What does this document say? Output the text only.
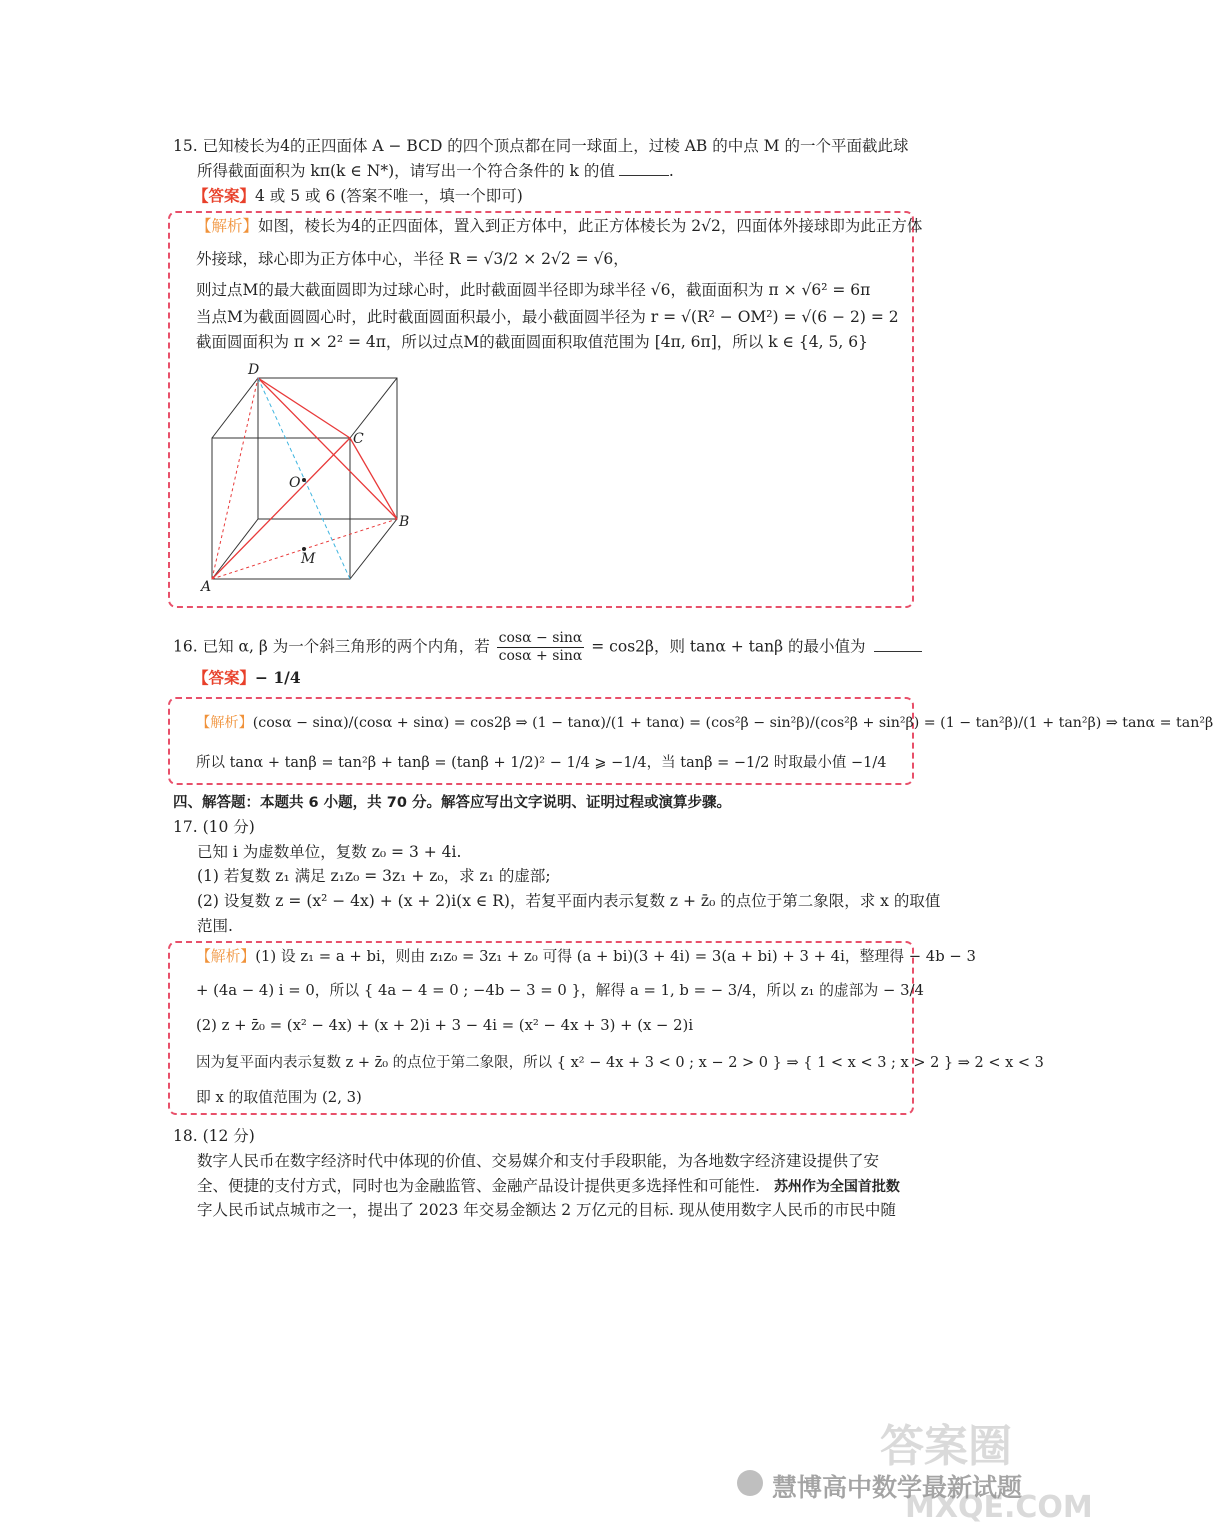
15. 已知棱长为4的正四面体 A − BCD 的四个顶点都在同一球面上，过棱 AB 的中点 M 的一个平面截此球
所得截面面积为 kπ(k ∈ N*)，请写出一个符合条件的 k 的值	.
【答案】4 或 5 或 6 (答案不唯一，填一个即可)
【解析】如图，棱长为4的正四面体，置入到正方体中，此正方体棱长为 2√2，四面体外接球即为此正方体
外接球，球心即为正方体中心，半径 R = √3/2 × 2√2 = √6，
则过点M的最大截面圆即为过球心时，此时截面圆半径即为球半径 √6，截面面积为 π × √6² = 6π
当点M为截面圆圆心时，此时截面圆面积最小，最小截面圆半径为 r = √(R² − OM²) = √(6 − 2) = 2
截面圆面积为 π × 2² = 4π，所以过点M的截面圆面积取值范围为 [4π, 6π]，所以 k ∈ {4, 5, 6}
D
C
O
B
M
A
16. 已知 α, β 为一个斜三角形的两个内角，若 $\frac{\cos\alpha - \sin\alpha}{\cos\alpha + \sin\alpha} = \cos 2\beta$，则 tanα + tanβ 的最小值为
【答案】− 1/4
【解析】(cosα − sinα)/(cosα + sinα) = cos2β ⇒ (1 − tanα)/(1 + tanα) = (cos²β − sin²β)/(cos²β + sin²β) = (1 − tan²β)/(1 + tan²β) ⇒ tanα = tan²β
所以 tanα + tanβ = tan²β + tanβ = (tanβ + 1/2)² − 1/4 ⩾ −1/4，当 tanβ = −1/2 时取最小值 −1/4
四、解答题：本题共 6 小题，共 70 分。解答应写出文字说明、证明过程或演算步骤。
17. (10 分)
已知 i 为虚数单位，复数 z₀ = 3 + 4i.
(1) 若复数 z₁ 满足 z₁z₀ = 3z₁ + z₀，求 z₁ 的虚部;
(2) 设复数 z = (x² − 4x) + (x + 2)i(x ∈ R)，若复平面内表示复数 z + z̄₀ 的点位于第二象限，求 x 的取值
范围.
【解析】(1) 设 z₁ = a + bi，则由 z₁z₀ = 3z₁ + z₀ 可得 (a + bi)(3 + 4i) = 3(a + bi) + 3 + 4i，整理得 − 4b − 3
+ (4a − 4) i = 0，所以 { 4a − 4 = 0 ; −4b − 3 = 0 }，解得 a = 1, b = − 3/4，所以 z₁ 的虚部为 − 3/4
(2) z + z̄₀ = (x² − 4x) + (x + 2)i + 3 − 4i = (x² − 4x + 3) + (x − 2)i
因为复平面内表示复数 z + z̄₀ 的点位于第二象限，所以 { x² − 4x + 3 < 0 ; x − 2 > 0 } ⇒ { 1 < x < 3 ; x > 2 } ⇒ 2 < x < 3
即 x 的取值范围为 (2, 3)
18. (12 分)
数字人民币在数字经济时代中体现的价值、交易媒介和支付手段职能，为各地数字经济建设提供了安
全、便捷的支付方式，同时也为金融监管、金融产品设计提供更多选择性和可能性. 苏州作为全国首批数
字人民币试点城市之一，提出了 2023 年交易金额达 2 万亿元的目标. 现从使用数字人民币的市民中随
慧博高中数学最新试题
答案圈
MXQE.COM
